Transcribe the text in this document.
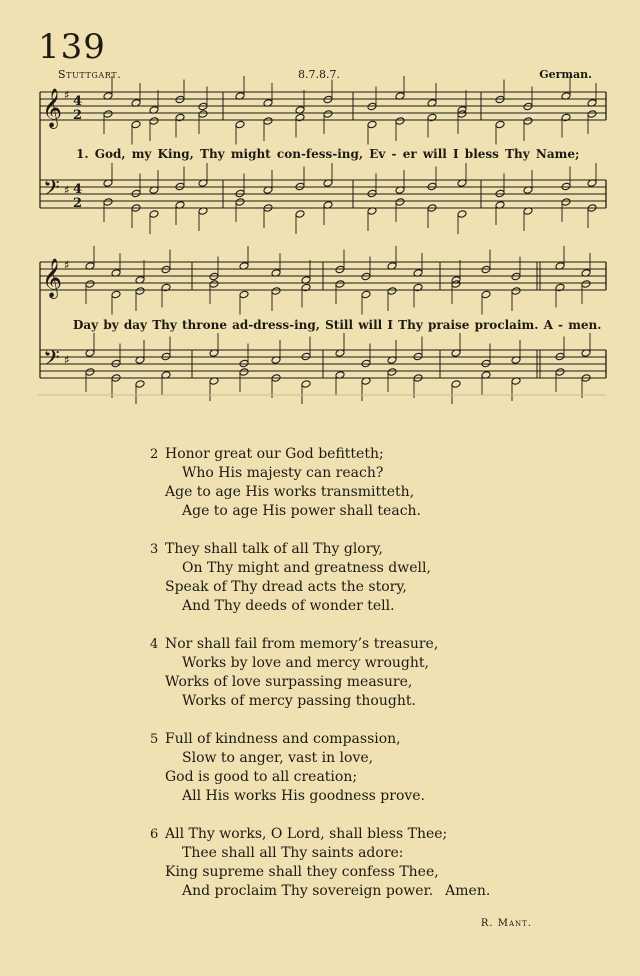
139
Stuttgart.	8.7.8.7.	German.
𝄞
𝄢
♯
♯
4
2
4
2
𝄞
𝄢
♯
♯
1. God, my King, Thy might con-fess-ing, Ev - er will I bless Thy Name;
Day by day Thy throne ad-dress-ing, Still will I Thy praise proclaim. A - men.
2 Honor great our God befitteth;
Who His majesty can reach?
Age to age His works transmitteth,
Age to age His power shall teach.
3 They shall talk of all Thy glory,
On Thy might and greatness dwell,
Speak of Thy dread acts the story,
And Thy deeds of wonder tell.
4 Nor shall fail from memory’s treasure,
Works by love and mercy wrought,
Works of love surpassing measure,
Works of mercy passing thought.
5 Full of kindness and compassion,
Slow to anger, vast in love,
God is good to all creation;
All His works His goodness prove.
6 All Thy works, O Lord, shall bless Thee;
Thee shall all Thy saints adore:
King supreme shall they confess Thee,
And proclaim Thy sovereign power. Amen.
R. Mant.
